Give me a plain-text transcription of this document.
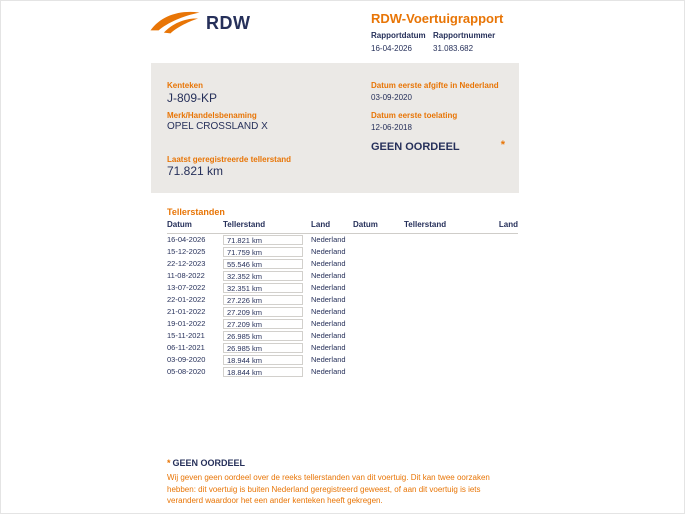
RDW	RDW-Voertuigrapport
Rapportdatum
16-04-2026
Rapportnummer
31.083.682
Kenteken
J-809-KP
Merk/Handelsbenaming
OPEL CROSSLAND X
Laatst geregistreerde tellerstand
71.821 km
Datum eerste afgifte in Nederland
03-09-2020
Datum eerste toelating
12-06-2018
GEEN OORDEEL	*
Tellerstanden
Datum	Tellerstand	Land
16-04-2026	71.821 km	Nederland
15-12-2025	71.759 km	Nederland
22-12-2023	55.546 km	Nederland
11-08-2022	32.352 km	Nederland
13-07-2022	32.351 km	Nederland
22-01-2022	27.226 km	Nederland
21-01-2022	27.209 km	Nederland
19-01-2022	27.209 km	Nederland
15-11-2021	26.985 km	Nederland
06-11-2021	26.985 km	Nederland
03-09-2020	18.944 km	Nederland
05-08-2020	18.844 km	Nederland
Datum	Tellerstand	Land
* GEEN OORDEEL
Wij geven geen oordeel over de reeks tellerstanden van dit voertuig. Dit kan twee oorzaken hebben: dit voertuig is buiten Nederland geregistreerd geweest, of aan dit voertuig is iets veranderd waardoor het een ander kenteken heeft gekregen.
